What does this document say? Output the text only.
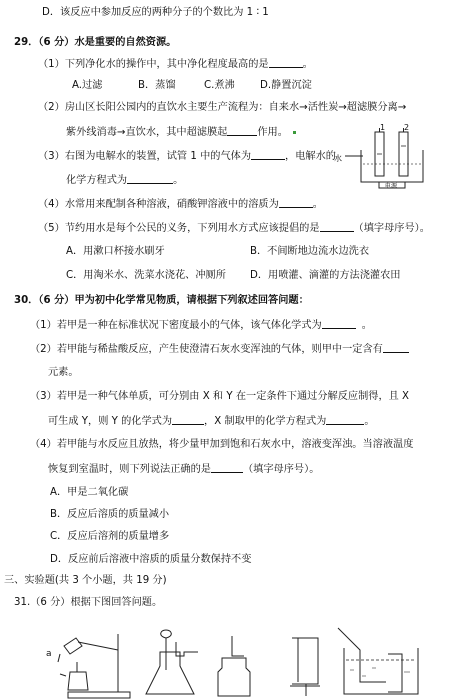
D．该反应中参加反应的两种分子的个数比为 1 ∶ 1
29．（6 分）水是重要的自然资源。
（1）下列净化水的操作中，其中净化程度最高的是	。
A.过滤	B．蒸馏	C.煮沸 D.静置沉淀
（2）房山区长阳公园内的直饮水主要生产流程为：自来水→活性炭→超滤膜分离→
紫外线消毒→直饮水，其中超滤膜起	作用。
（3）右图为电解水的装置，试管 1 中的气体为	，电解水的
化学方程式为	。
1 2
水
电源
（4）水常用来配制各种溶液，硝酸钾溶液中的溶质为	。
（5）节约用水是每个公民的义务，下列用水方式应该提倡的是	（填字母序号）。
A．用漱口杯接水刷牙	B．不间断地边流水边洗衣
C．用淘米水、洗菜水浇花、冲厕所 D．用喷灌、滴灌的方法浇灌农田
30．（6 分）甲为初中化学常见物质，请根据下列叙述回答问题：
（1）若甲是一种在标准状况下密度最小的气体，该气体化学式为	。
（2）若甲能与稀盐酸反应，产生使澄清石灰水变浑浊的气体，则甲中一定含有
元素。
（3）若甲是一种气体单质，可分别由 X 和 Y 在一定条件下通过分解反应制得，且 X
可生成 Y，则 Y 的化学式为	，X 制取甲的化学方程式为	。
（4）若甲能与水反应且放热，将少量甲加到饱和石灰水中，溶液变浑浊。当溶液温度
恢复到室温时，则下列说法正确的是	（填字母序号）。
A．甲是二氧化碳
B．反应后溶质的质量减小
C．反应后溶剂的质量增多
D．反应前后溶液中溶质的质量分数保持不变
三、实验题(共 3 个小题，共 19 分)
31.（6 分）根据下图回答问题。
a
